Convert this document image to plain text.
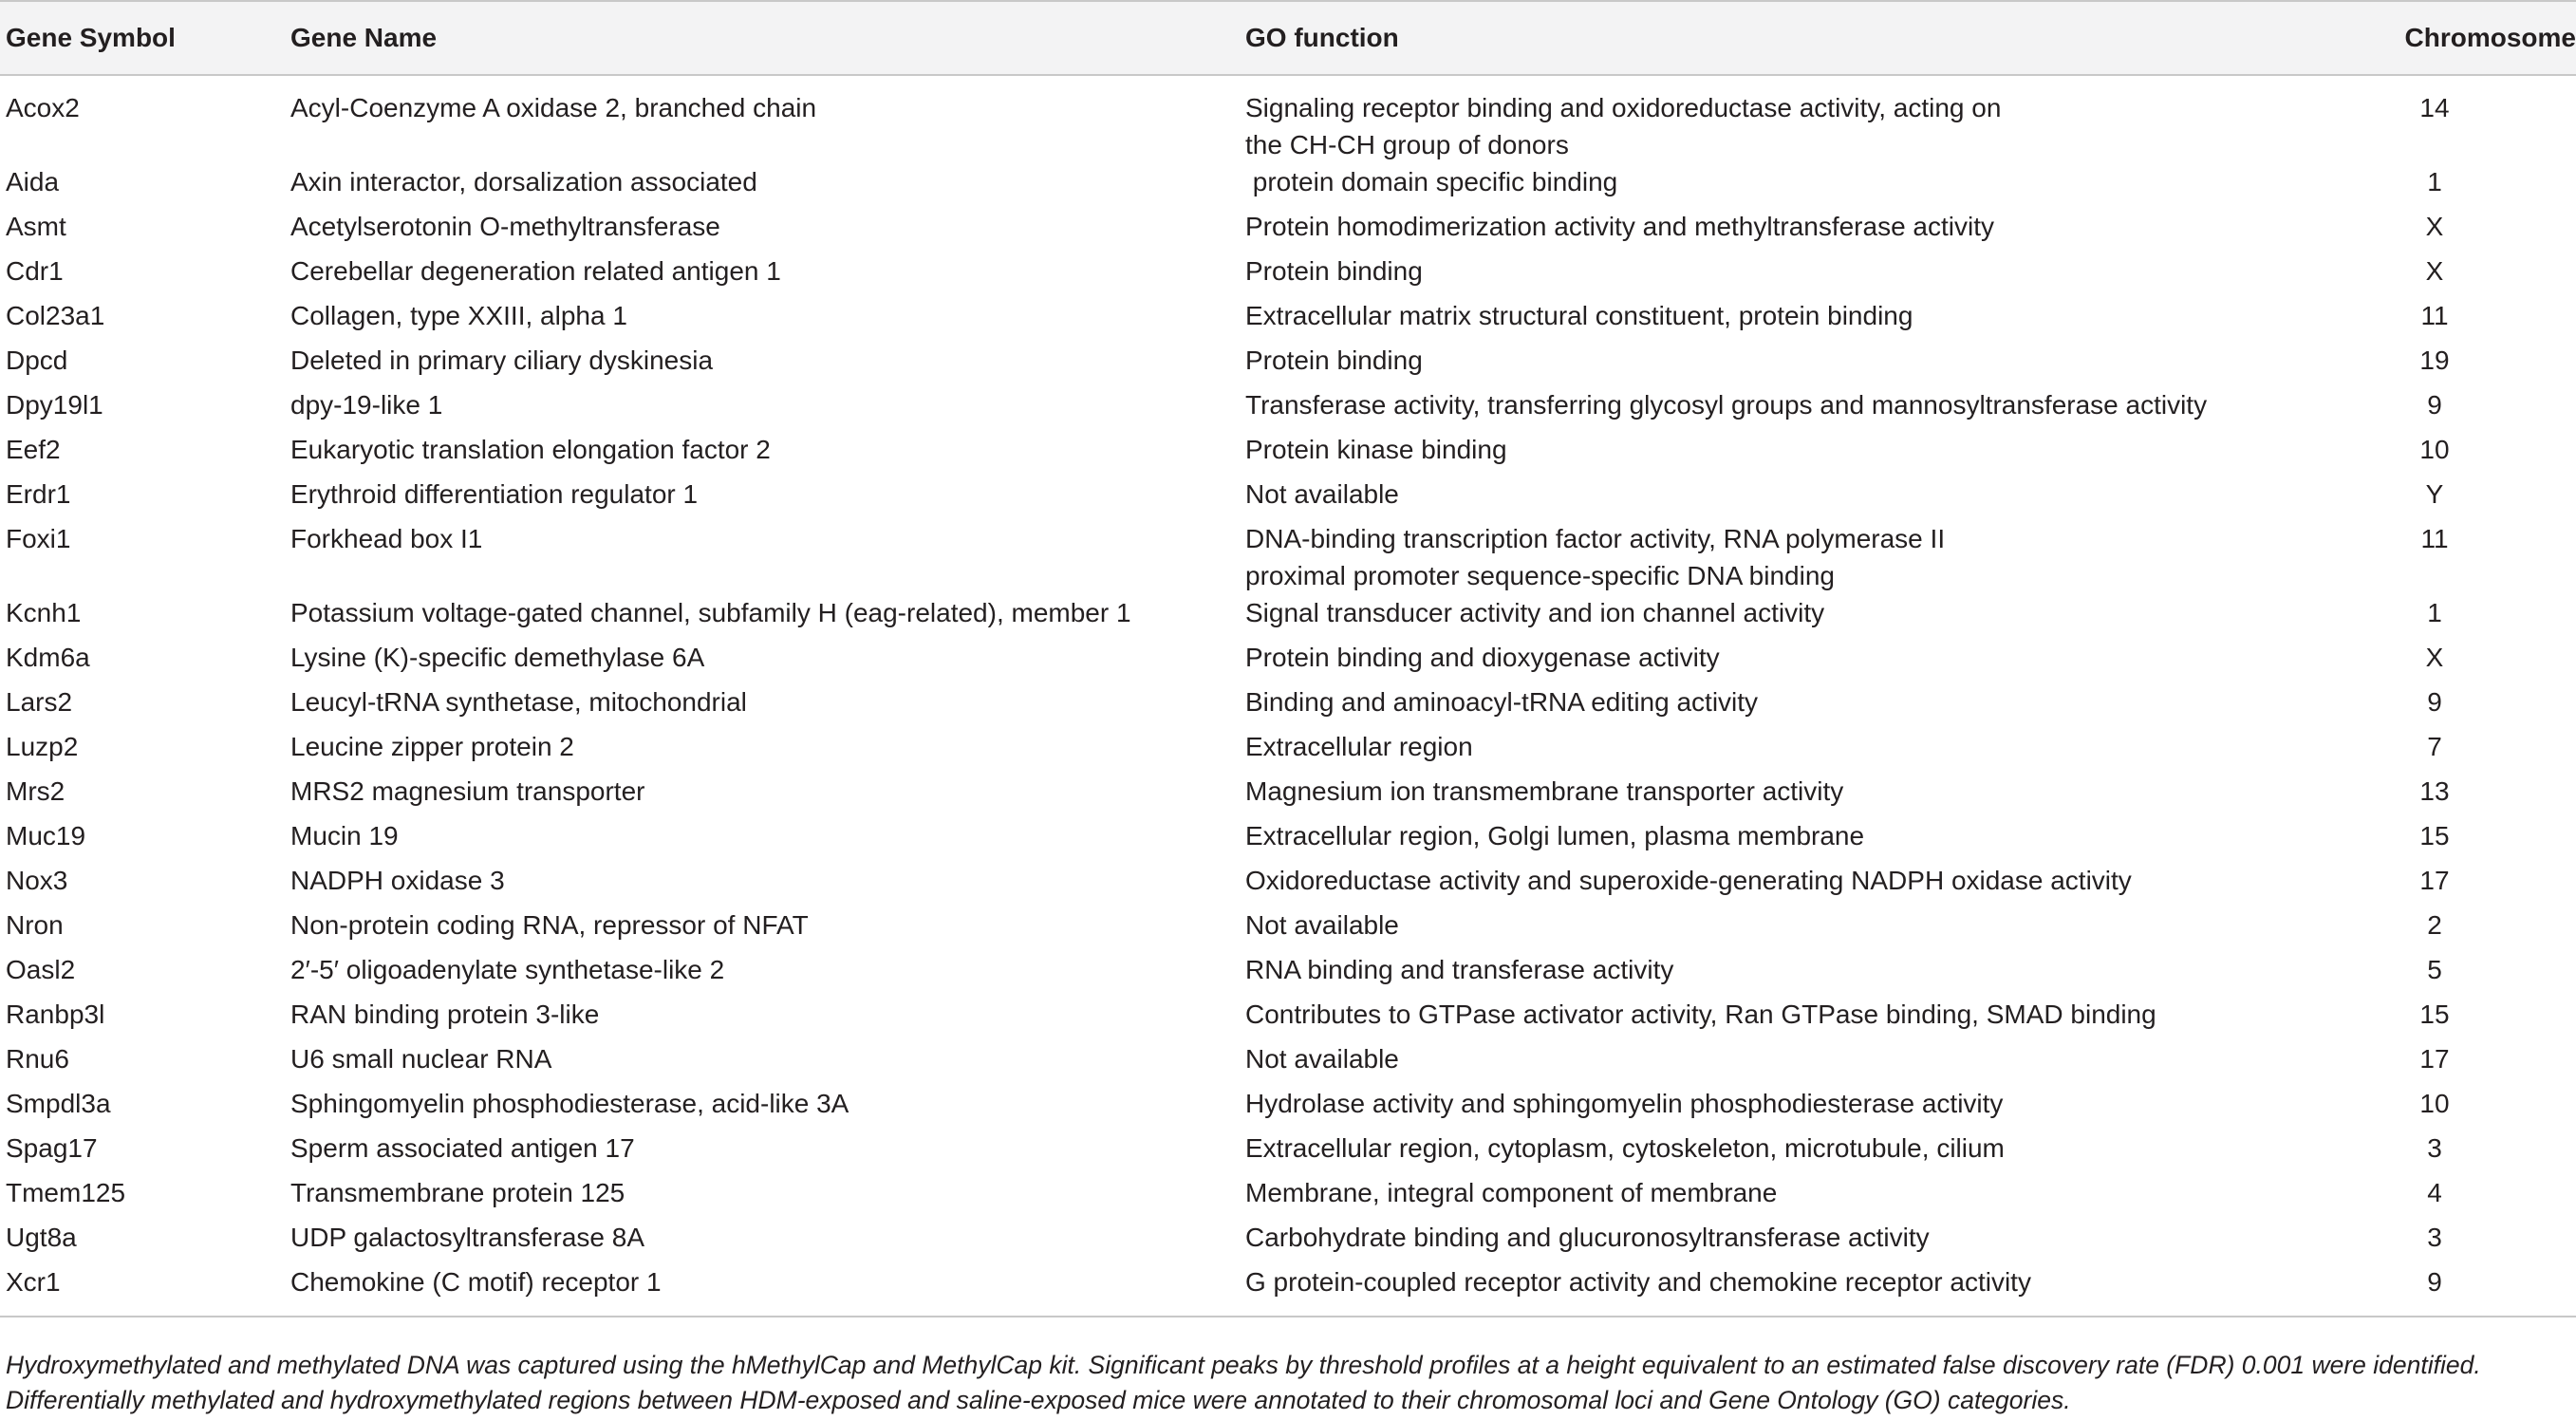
Gene Symbol	Gene Name	GO function	Chromosome
Acox2	Acyl-Coenzyme A oxidase 2, branched chain	Signaling receptor binding and oxidoreductase activity, acting on the CH-CH group of donors	14
Aida	Axin interactor, dorsalization associated	protein domain specific binding	1
Asmt	Acetylserotonin O-methyltransferase	Protein homodimerization activity and methyltransferase activity	X
Cdr1	Cerebellar degeneration related antigen 1	Protein binding	X
Col23a1	Collagen, type XXIII, alpha 1	Extracellular matrix structural constituent, protein binding	11
Dpcd	Deleted in primary ciliary dyskinesia	Protein binding	19
Dpy19l1	dpy-19-like 1	Transferase activity, transferring glycosyl groups and mannosyltransferase activity	9
Eef2	Eukaryotic translation elongation factor 2	Protein kinase binding	10
Erdr1	Erythroid differentiation regulator 1	Not available	Y
Foxi1	Forkhead box I1	DNA-binding transcription factor activity, RNA polymerase II proximal promoter sequence-specific DNA binding	11
Kcnh1	Potassium voltage-gated channel, subfamily H (eag-related), member 1	Signal transducer activity and ion channel activity	1
Kdm6a	Lysine (K)-specific demethylase 6A	Protein binding and dioxygenase activity	X
Lars2	Leucyl-tRNA synthetase, mitochondrial	Binding and aminoacyl-tRNA editing activity	9
Luzp2	Leucine zipper protein 2	Extracellular region	7
Mrs2	MRS2 magnesium transporter	Magnesium ion transmembrane transporter activity	13
Muc19	Mucin 19	Extracellular region, Golgi lumen, plasma membrane	15
Nox3	NADPH oxidase 3	Oxidoreductase activity and superoxide-generating NADPH oxidase activity	17
Nron	Non-protein coding RNA, repressor of NFAT	Not available	2
Oasl2	2′-5′ oligoadenylate synthetase-like 2	RNA binding and transferase activity	5
Ranbp3l	RAN binding protein 3-like	Contributes to GTPase activator activity, Ran GTPase binding, SMAD binding	15
Rnu6	U6 small nuclear RNA	Not available	17
Smpdl3a	Sphingomyelin phosphodiesterase, acid-like 3A	Hydrolase activity and sphingomyelin phosphodiesterase activity	10
Spag17	Sperm associated antigen 17	Extracellular region, cytoplasm, cytoskeleton, microtubule, cilium	3
Tmem125	Transmembrane protein 125	Membrane, integral component of membrane	4
Ugt8a	UDP galactosyltransferase 8A	Carbohydrate binding and glucuronosyltransferase activity	3
Xcr1	Chemokine (C motif) receptor 1	G protein-coupled receptor activity and chemokine receptor activity	9
Hydroxymethylated and methylated DNA was captured using the hMethylCap and MethylCap kit. Significant peaks by threshold profiles at a height equivalent to an estimated false discovery rate (FDR) 0.001 were identified. Differentially methylated and hydroxymethylated regions between HDM-exposed and saline-exposed mice were annotated to their chromosomal loci and Gene Ontology (GO) categories.
